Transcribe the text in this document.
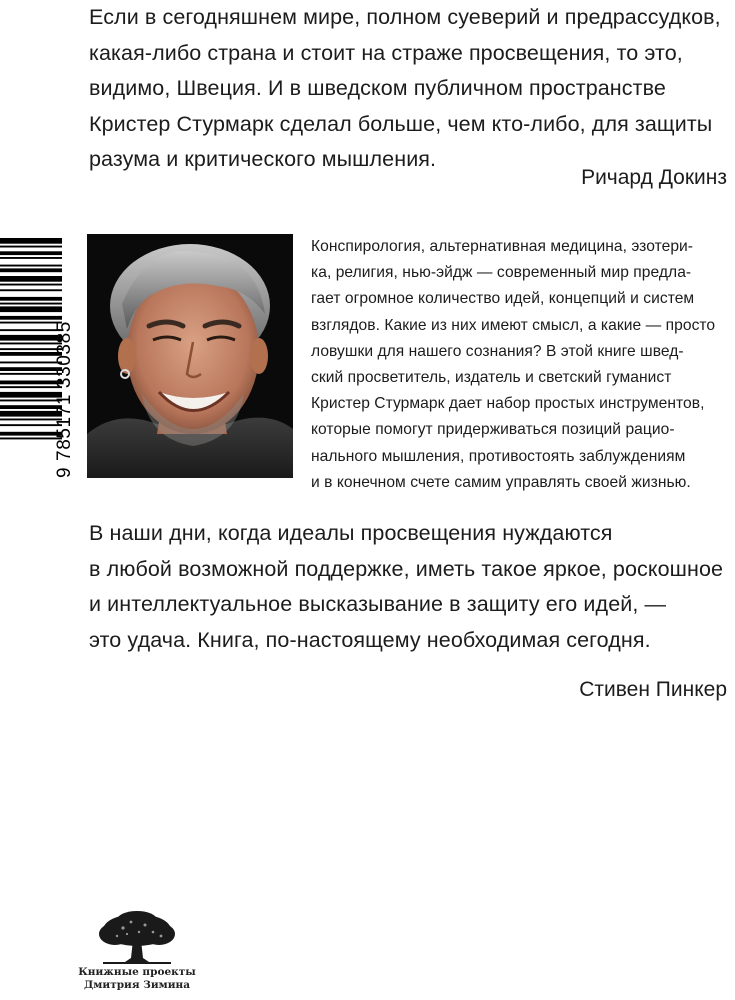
Если в сегодняшнем мире, полном суеверий и предрассудков,
какая-либо страна и стоит на страже просвещения, то это,
видимо, Швеция. И в шведском публичном пространстве
Кристер Стурмарк сделал больше, чем кто-либо, для защиты
разума и критического мышления.
Ричард Докинз
9 785171 330385
Конспирология, альтернативная медицина, эзотери-
ка, религия, нью-эйдж — современный мир предла-
гает огромное количество идей, концепций и систем
взглядов. Какие из них имеют смысл, а какие — просто
ловушки для нашего сознания? В этой книге швед-
ский просветитель, издатель и светский гуманист
Кристер Стурмарк дает набор простых инструментов,
которые помогут придерживаться позиций рацио-
нального мышления, противостоять заблуждениям
и в конечном счете самим управлять своей жизнью.
В наши дни, когда идеалы просвещения нуждаются
в любой возможной поддержке, иметь такое яркое, роскошное
и интеллектуальное высказывание в защиту его идей, —
это удача. Книга, по-настоящему необходимая сегодня.
Стивен Пинкер
Книжные проекты
Дмитрия Зимина
